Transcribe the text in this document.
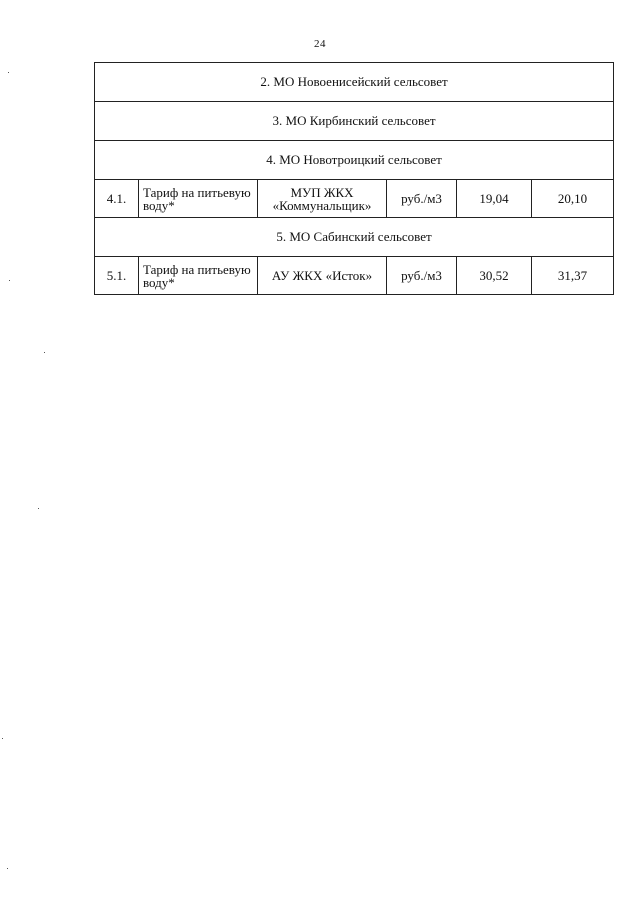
24
2. МО Новоенисейский сельсовет					
3. МО Кирбинский сельсовет					
4. МО Новотроицкий сельсовет					
4.1.	Тариф на питьевую воду*	МУП ЖКХ «Коммунальщик»	руб./м3	19,04	20,10
5. МО Сабинский сельсовет					
5.1.	Тариф на питьевую воду*	АУ ЖКХ «Исток»	руб./м3	30,52	31,37
